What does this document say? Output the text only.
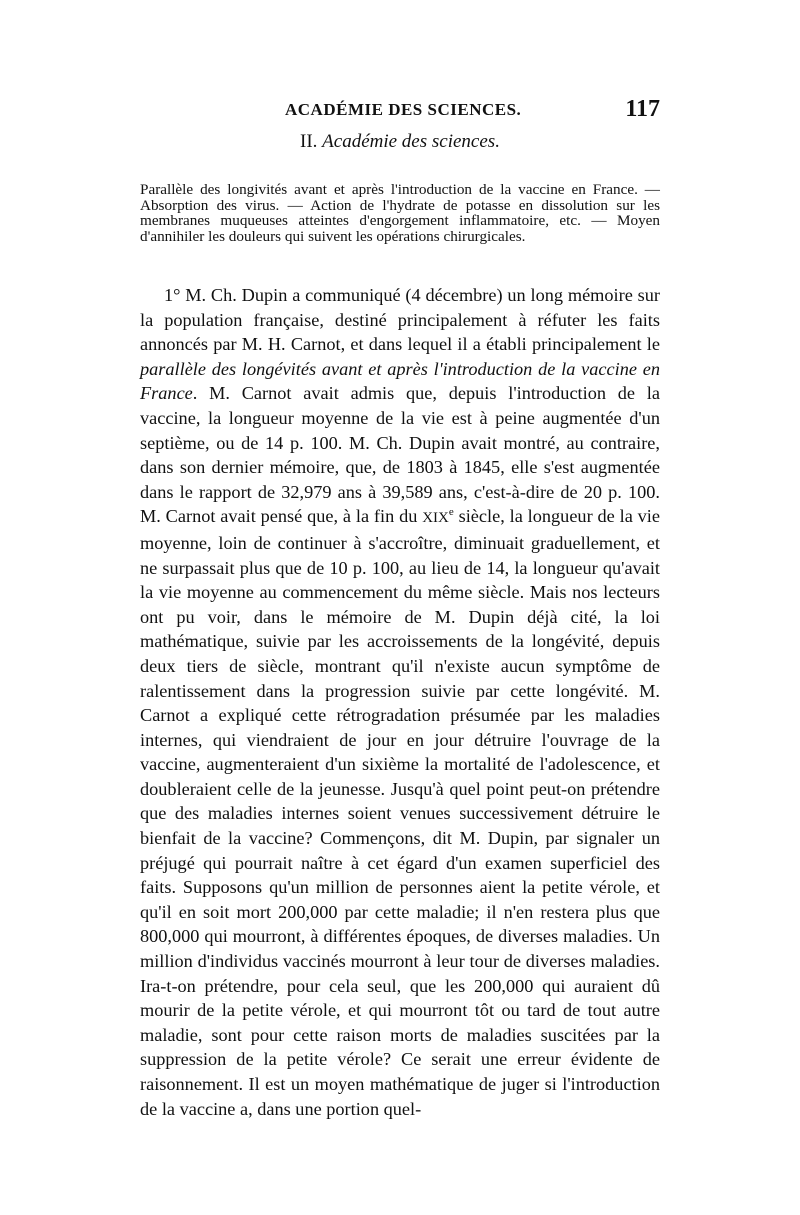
ACADÉMIE DES SCIENCES.	117
II. Académie des sciences.
Parallèle des longivités avant et après l'introduction de la vaccine en France. — Absorption des virus. — Action de l'hydrate de potasse en dissolution sur les membranes muqueuses atteintes d'engorgement inflammatoire, etc. — Moyen d'annihiler les douleurs qui suivent les opérations chirurgicales.

1° M. Ch. Dupin a communiqué (4 décembre) un long mémoire sur la population française, destiné principalement à réfuter les faits annoncés par M. H. Carnot, et dans lequel il a établi principalement le parallèle des longévités avant et après l'introduction de la vaccine en France. M. Carnot avait admis que, depuis l'introduction de la vaccine, la longueur moyenne de la vie est à peine augmentée d'un septième, ou de 14 p. 100. M. Ch. Dupin avait montré, au contraire, dans son dernier mémoire, que, de 1803 à 1845, elle s'est augmentée dans le rapport de 32,979 ans à 39,589 ans, c'est-à-dire de 20 p. 100. M. Carnot avait pensé que, à la fin du XIXe siècle, la longueur de la vie moyenne, loin de continuer à s'accroître, diminuait graduellement, et ne surpassait plus que de 10 p. 100, au lieu de 14, la longueur qu'avait la vie moyenne au commencement du même siècle. Mais nos lecteurs ont pu voir, dans le mémoire de M. Dupin déjà cité, la loi mathématique, suivie par les accroissements de la longévité, depuis deux tiers de siècle, montrant qu'il n'existe aucun symptôme de ralentissement dans la progression suivie par cette longévité. M. Carnot a expliqué cette rétrogradation présumée par les maladies internes, qui viendraient de jour en jour détruire l'ouvrage de la vaccine, augmenteraient d'un sixième la mortalité de l'adolescence, et doubleraient celle de la jeunesse. Jusqu'à quel point peut-on prétendre que des maladies internes soient venues successivement détruire le bienfait de la vaccine? Commençons, dit M. Dupin, par signaler un préjugé qui pourrait naître à cet égard d'un examen superficiel des faits. Supposons qu'un million de personnes aient la petite vérole, et qu'il en soit mort 200,000 par cette maladie; il n'en restera plus que 800,000 qui mourront, à différentes époques, de diverses maladies. Un million d'individus vaccinés mourront à leur tour de diverses maladies. Ira-t-on prétendre, pour cela seul, que les 200,000 qui auraient dû mourir de la petite vérole, et qui mourront tôt ou tard de tout autre maladie, sont pour cette raison morts de maladies suscitées par la suppression de la petite vérole? Ce serait une erreur évidente de raisonnement. Il est un moyen mathématique de juger si l'introduction de la vaccine a, dans une portion quel-
